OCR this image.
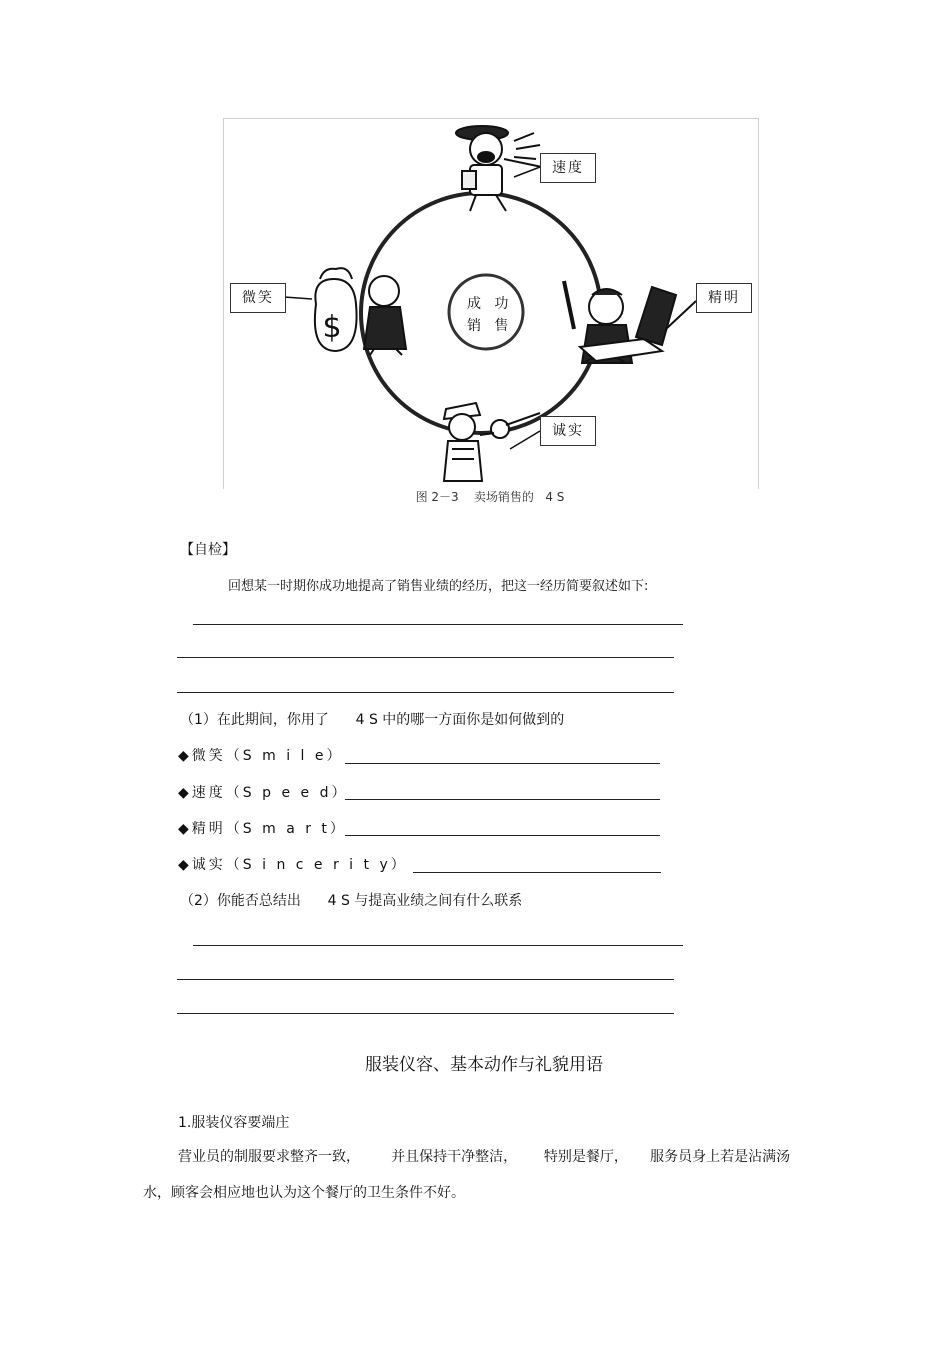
$
速度
微笑	精明
诚实
成   功
销   售
图 2－3    卖场销售的   4 S
【自检】
回想某一时期你成功地提高了销售业绩的经历，把这一经历简要叙述如下:
（1）在此期间，你用了      4 S 中的哪一方面你是如何做到的
◆微笑（S m i l e）
◆速度（S p e e d）
◆精明（S m a r t）
◆诚实（S i n c e r i t y）
（2）你能否总结出      4 S 与提高业绩之间有什么联系
服装仪容、基本动作与礼貌用语
1.服装仪容要端庄
营业员的制服要求整齐一致，       并且保持干净整洁，      特别是餐厅，     服务员身上若是沾满汤
水，顾客会相应地也认为这个餐厅的卫生条件不好。
